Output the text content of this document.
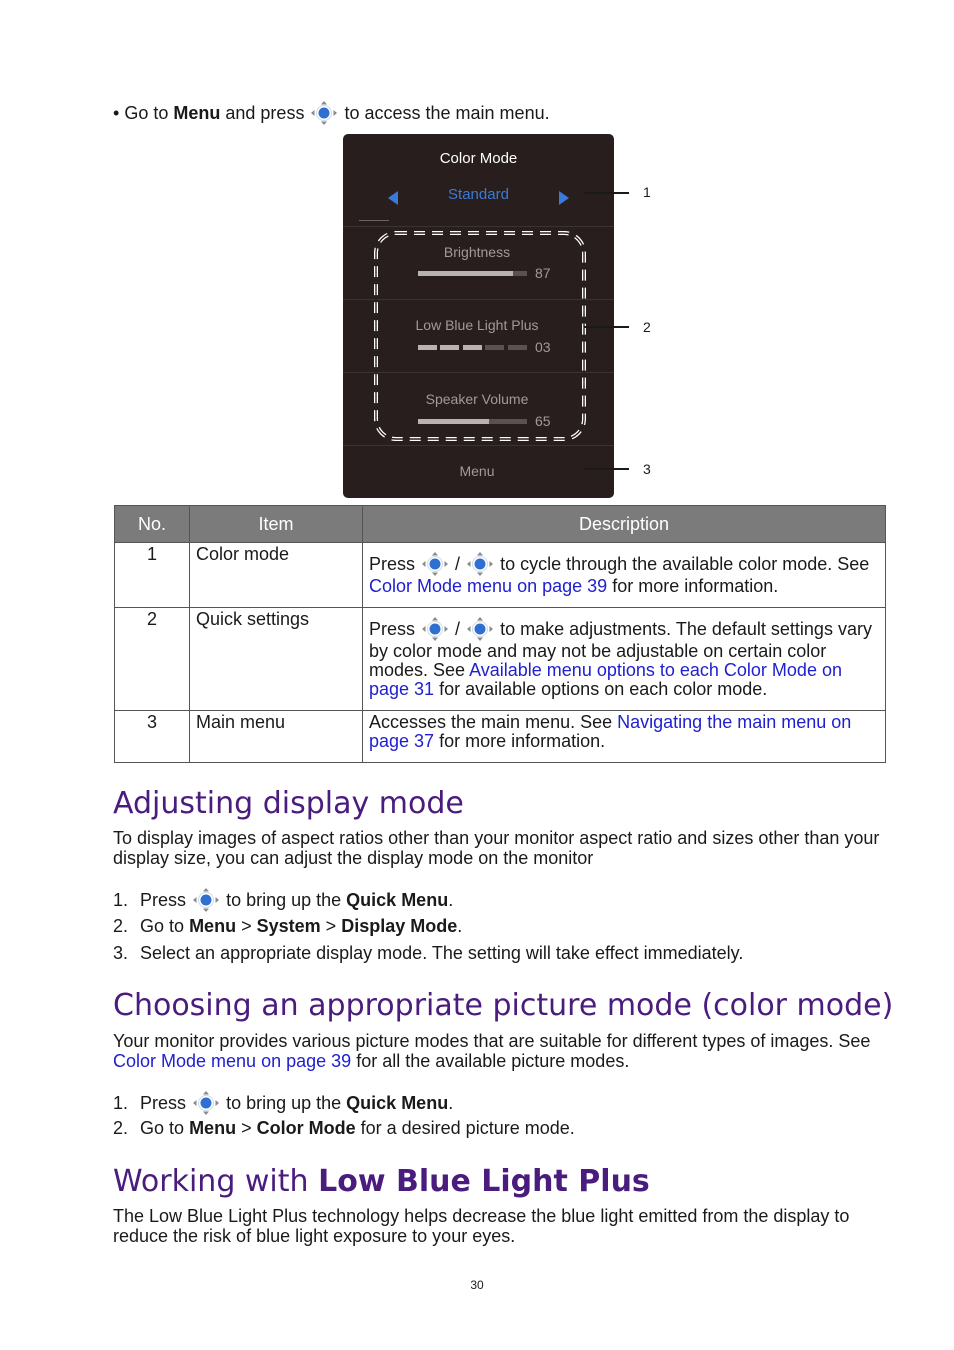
• Go to Menu and press to access the main menu.
Color Mode
Standard
Brightness
87
Low Blue Light Plus
03
Speaker Volume
65
Menu
1
2
3
No.	Item	Description
1	Color mode	Press / to cycle through the available color mode. See Color Mode menu on page 39 for more information.
2	Quick settings	Press / to make adjustments. The default settings vary by color mode and may not be adjustable on certain color modes. See Available menu options to each Color Mode on page 31 for available options on each color mode.
3	Main menu	Accesses the main menu. See Navigating the main menu on page 37 for more information.
Adjusting display mode
To display images of aspect ratios other than your monitor aspect ratio and sizes other than your display size, you can adjust the display mode on the monitor
1. Press to bring up the Quick Menu.
2. Go to Menu > System > Display Mode.
3. Select an appropriate display mode. The setting will take effect immediately.
Choosing an appropriate picture mode (color mode)
Your monitor provides various picture modes that are suitable for different types of images. See Color Mode menu on page 39 for all the available picture modes.
1. Press to bring up the Quick Menu.
2. Go to Menu > Color Mode for a desired picture mode.
Working with Low Blue Light Plus
The Low Blue Light Plus technology helps decrease the blue light emitted from the display to reduce the risk of blue light exposure to your eyes.
30
